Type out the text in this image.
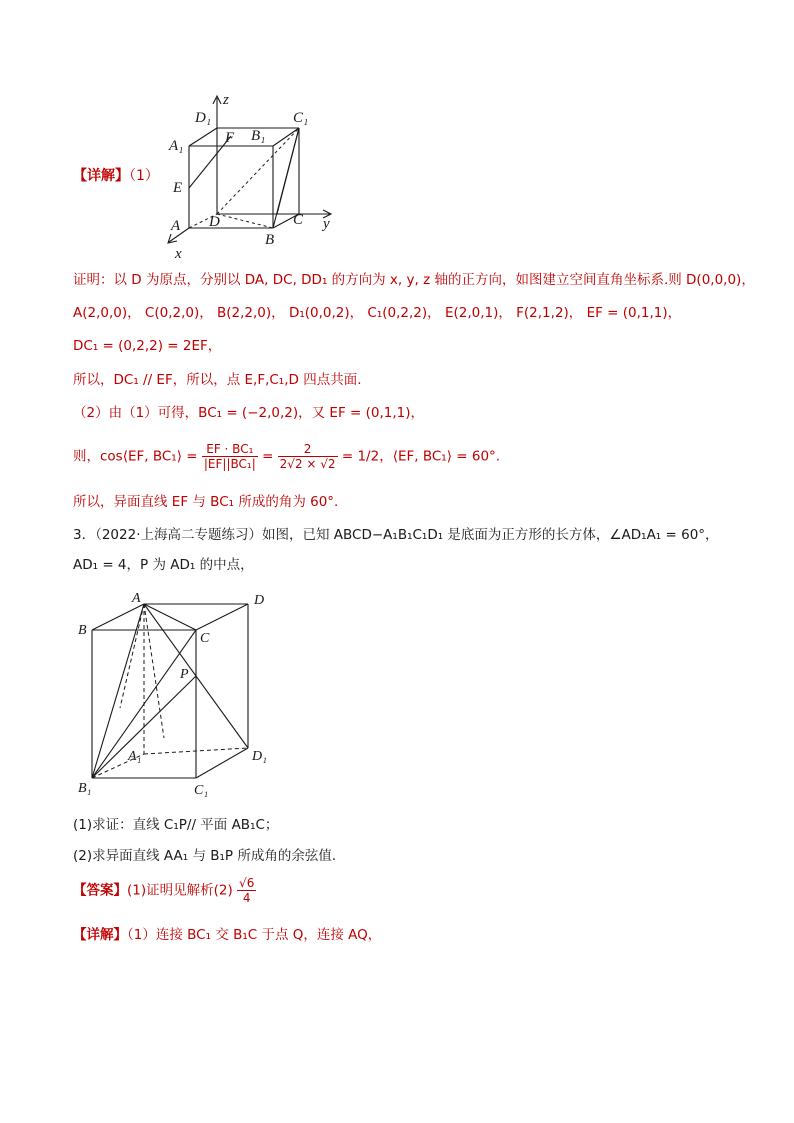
z
y
x
D₁	C₁
A₁	F B₁
E
A D
B
C
【详解】（1）
证明：以 D 为原点，分别以 DA, DC, DD₁ 的方向为 x, y, z 轴的正方向，如图建立空间直角坐标系.则 D(0,0,0)，
A(2,0,0)， C(0,2,0)， B(2,2,0)， D₁(0,0,2)， C₁(0,2,2)， E(2,0,1)， F(2,1,2)， EF = (0,1,1)，
DC₁ = (0,2,2) = 2EF，
所以，DC₁ // EF，所以，点 E,F,C₁,D 四点共面.
（2）由（1）可得，BC₁ = (−2,0,2)，又 EF = (0,1,1)，
则，cos⟨EF, BC₁⟩ = $\frac{\text{EF · BC₁}}{\text{|EF||BC₁|}} = \frac{2}{2√2 \times √2} = 1/2$，⟨EF, BC₁⟩ = 60°.
所以，异面直线 EF 与 BC₁ 所成的角为 60°.
3．（2022·上海高二专题练习）如图，已知 ABCD−A₁B₁C₁D₁ 是底面为正方形的长方体，∠AD₁A₁ = 60°，
AD₁ = 4，P 为 AD₁ 的中点，
A	D
B
C
P
A₁	D₁
B₁	C₁
(1)求证：直线 C₁P// 平面 AB₁C；
(2)求异面直线 AA₁ 与 B₁P 所成角的余弦值．
【答案】(1)证明见解析$(2) \frac{√6}{4}$
【详解】（1）连接 BC₁ 交 B₁C 于点 Q，连接 AQ，
